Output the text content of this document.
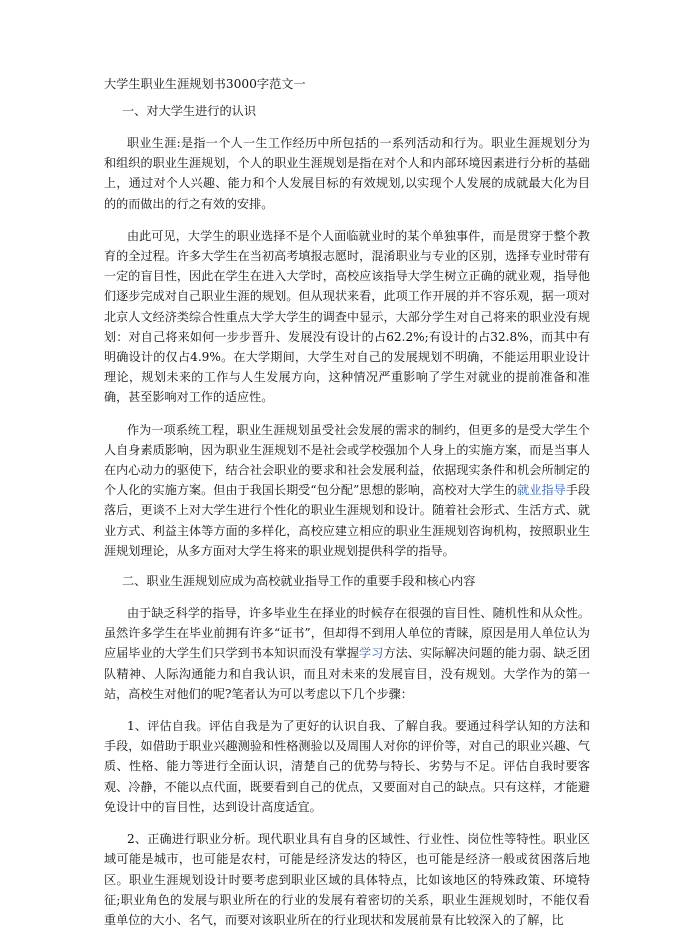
大学生职业生涯规划书3000字范文一
一、对大学生进行的认识

职业生涯:是指一个人一生工作经历中所包括的一系列活动和行为。职业生涯规划分为和组织的职业生涯规划，个人的职业生涯规划是指在对个人和内部环境因素进行分析的基础上，通过对个人兴趣、能力和个人发展目标的有效规划,以实现个人发展的成就最大化为目的的而做出的行之有效的安排。

由此可见，大学生的职业选择不是个人面临就业时的某个单独事件，而是贯穿于整个教育的全过程。许多大学生在当初高考填报志愿时，混淆职业与专业的区别，选择专业时带有一定的盲目性，因此在学生在进入大学时，高校应该指导大学生树立正确的就业观，指导他们逐步完成对自己职业生涯的规划。但从现状来看，此项工作开展的并不容乐观，据一项对北京人文经济类综合性重点大学大学生的调查中显示，大部分学生对自己将来的职业没有规划：对自己将来如何一步步晋升、发展没有设计的占62.2%;有设计的占32.8%，而其中有明确设计的仅占4.9%。在大学期间，大学生对自己的发展规划不明确，不能运用职业设计理论，规划未来的工作与人生发展方向，这种情况严重影响了学生对就业的提前准备和准确，甚至影响对工作的适应性。

作为一项系统工程，职业生涯规划虽受社会发展的需求的制约，但更多的是受大学生个人自身素质影响，因为职业生涯规划不是社会或学校强加个人身上的实施方案，而是当事人在内心动力的驱使下，结合社会职业的要求和社会发展利益，依据现实条件和机会所制定的个人化的实施方案。但由于我国长期受“包分配”思想的影响，高校对大学生的就业指导手段落后，更谈不上对大学生进行个性化的职业生涯规划和设计。随着社会形式、生活方式、就业方式、利益主体等方面的多样化，高校应建立相应的职业生涯规划咨询机构，按照职业生涯规划理论，从多方面对大学生将来的职业规划提供科学的指导。

二、职业生涯规划应成为高校就业指导工作的重要手段和核心内容

由于缺乏科学的指导，许多毕业生在择业的时候存在很强的盲目性、随机性和从众性。虽然许多学生在毕业前拥有许多“证书”，但却得不到用人单位的青睐，原因是用人单位认为应届毕业的大学生们只学到书本知识而没有掌握学习方法、实际解决问题的能力弱、缺乏团队精神、人际沟通能力和自我认识，而且对未来的发展盲目，没有规划。大学作为的第一站，高校生对他们的呢?笔者认为可以考虑以下几个步骤：

1、评估自我。评估自我是为了更好的认识自我、了解自我。要通过科学认知的方法和手段，如借助于职业兴趣测验和性格测验以及周围人对你的评价等，对自己的职业兴趣、气质、性格、能力等进行全面认识，清楚自己的优势与特长、劣势与不足。评估自我时要客观、冷静，不能以点代面，既要看到自己的优点，又要面对自己的缺点。只有这样，才能避免设计中的盲目性，达到设计高度适宜。

2、正确进行职业分析。现代职业具有自身的区域性、行业性、岗位性等特性。职业区域可能是城市，也可能是农村，可能是经济发达的特区，也可能是经济一般或贫困落后地区。职业生涯规划设计时要考虑到职业区域的具体特点，比如该地区的特殊政策、环境特征;职业角色的发展与职业所在的行业的发展有着密切的关系，职业生涯规划时，不能仅看重单位的大小、名气，而要对该职业所在的行业现状和发展前景有比较深入的了解，比
